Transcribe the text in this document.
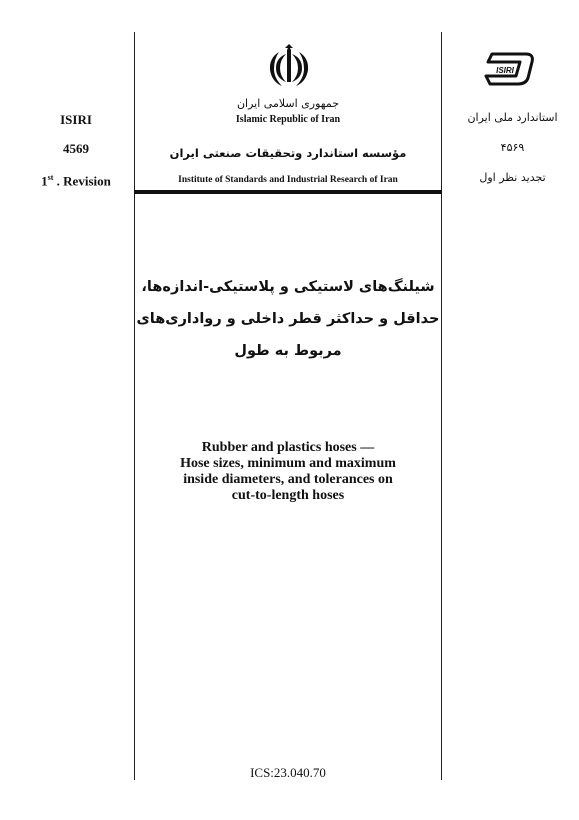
ISIRI
4569
1st . Revision
ISIRI
استاندارد ملی ایران
۴۵۶۹
تجدید نظر اول
جمهوری اسلامی ایران
Islamic Republic of Iran
مؤسسه استاندارد وتحقیقات صنعتی ایران
Institute of Standards and Industrial Research of Iran
شیلنگ‌های لاستیکی و پلاستیکی-اندازه‌ها،
حداقل و حداکثر قطر داخلی و رواداری‌های
مربوط به طول
Rubber and plastics hoses —
Hose sizes, minimum and maximum
inside diameters, and tolerances on
cut-to-length hoses
ICS:23.040.70
